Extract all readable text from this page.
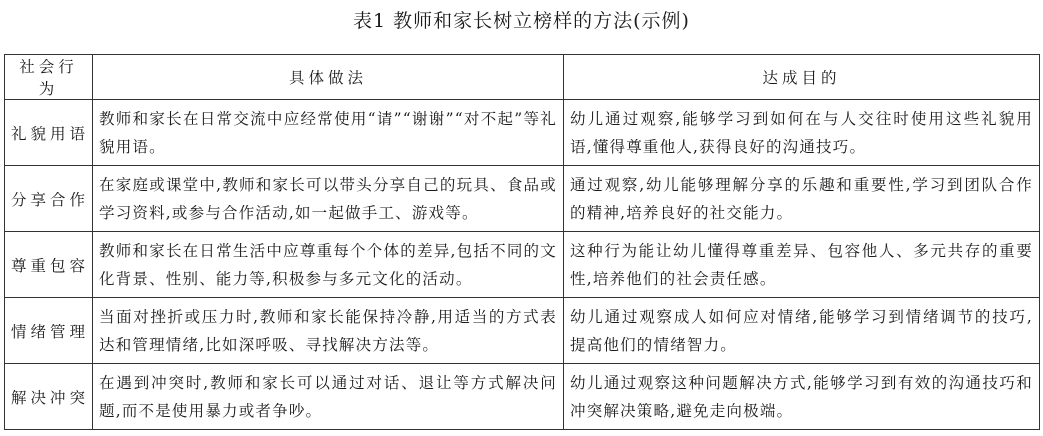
表1 教师和家长树立榜样的方法(示例)
社会行为	具体做法	达成目的
礼貌用语	教师和家长在日常交流中应经常使用“请”“谢谢”“对不起”等礼貌用语。	幼儿通过观察,能够学习到如何在与人交往时使用这些礼貌用语,懂得尊重他人,获得良好的沟通技巧。
分享合作	在家庭或课堂中,教师和家长可以带头分享自己的玩具、食品或学习资料,或参与合作活动,如一起做手工、游戏等。	通过观察,幼儿能够理解分享的乐趣和重要性,学习到团队合作的精神,培养良好的社交能力。
尊重包容	教师和家长在日常生活中应尊重每个个体的差异,包括不同的文化背景、性别、能力等,积极参与多元文化的活动。	这种行为能让幼儿懂得尊重差异、包容他人、多元共存的重要性,培养他们的社会责任感。
情绪管理	当面对挫折或压力时,教师和家长能保持冷静,用适当的方式表达和管理情绪,比如深呼吸、寻找解决方法等。	幼儿通过观察成人如何应对情绪,能够学习到情绪调节的技巧,提高他们的情绪智力。
解决冲突	在遇到冲突时,教师和家长可以通过对话、退让等方式解决问题,而不是使用暴力或者争吵。	幼儿通过观察这种问题解决方式,能够学习到有效的沟通技巧和冲突解决策略,避免走向极端。
